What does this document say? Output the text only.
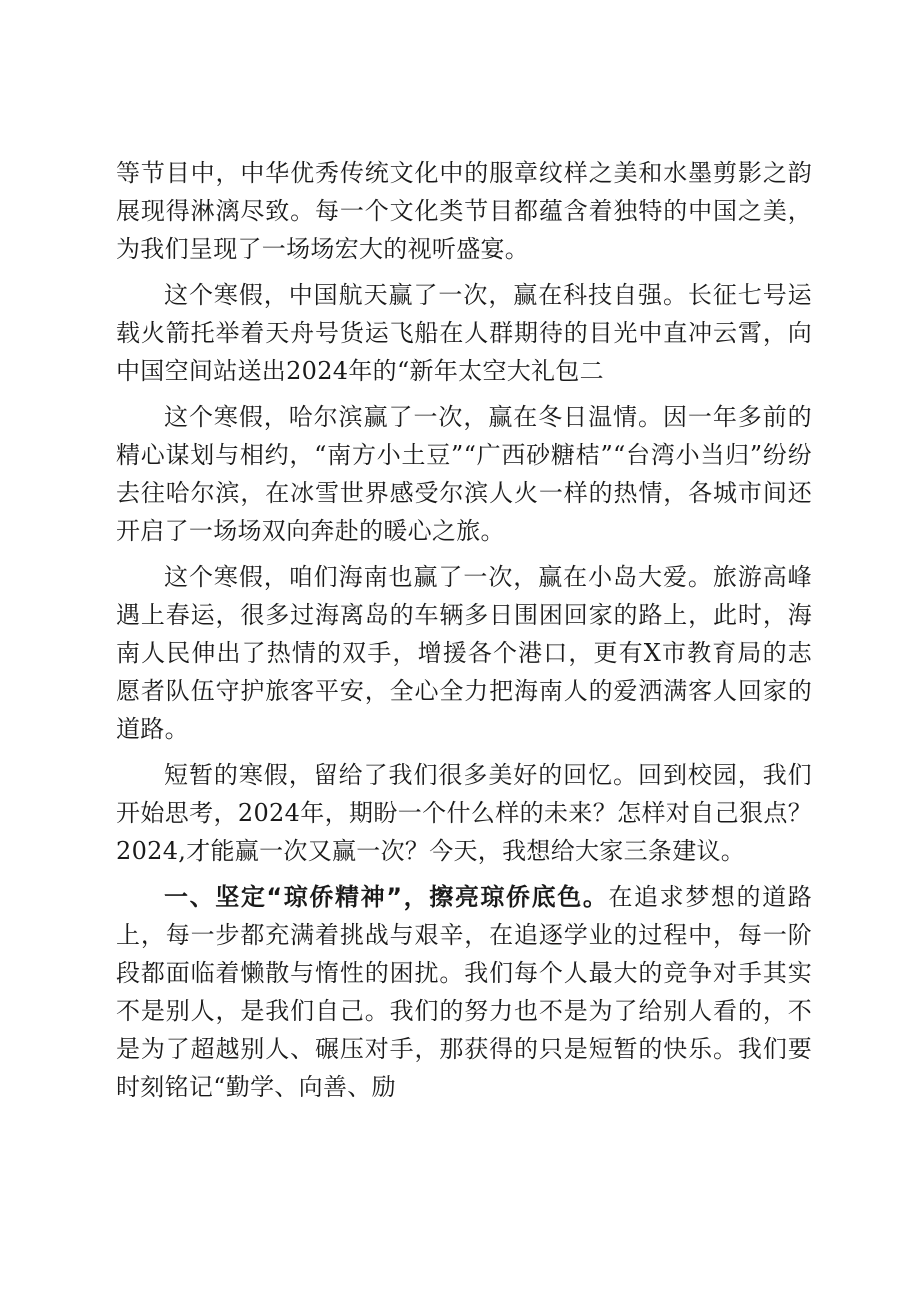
等节目中，中华优秀传统文化中的服章纹样之美和水墨剪影之韵展现得淋漓尽致。每一个文化类节目都蕴含着独特的中国之美，为我们呈现了一场场宏大的视听盛宴。

这个寒假，中国航天赢了一次，赢在科技自强。长征七号运载火箭托举着天舟号货运飞船在人群期待的目光中直冲云霄，向中国空间站送出2024年的“新年太空大礼包二

这个寒假，哈尔滨赢了一次，赢在冬日温情。因一年多前的精心谋划与相约，“南方小土豆”“广西砂糖桔”“台湾小当归”纷纷去往哈尔滨，在冰雪世界感受尔滨人火一样的热情，各城市间还开启了一场场双向奔赴的暖心之旅。

这个寒假，咱们海南也赢了一次，赢在小岛大爱。旅游高峰遇上春运，很多过海离岛的车辆多日围困回家的路上，此时，海南人民伸出了热情的双手，增援各个港口，更有X市教育局的志愿者队伍守护旅客平安，全心全力把海南人的爱洒满客人回家的道路。

短暂的寒假，留给了我们很多美好的回忆。回到校园，我们开始思考，2024年，期盼一个什么样的未来？怎样对自己狠点？2024,才能赢一次又赢一次？今天，我想给大家三条建议。

一、坚定“琼侨精神”，擦亮琼侨底色。在追求梦想的道路上，每一步都充满着挑战与艰辛，在追逐学业的过程中，每一阶段都面临着懒散与惰性的困扰。我们每个人最大的竞争对手其实不是别人，是我们自己。我们的努力也不是为了给别人看的，不是为了超越别人、碾压对手，那获得的只是短暂的快乐。我们要时刻铭记“勤学、向善、励
